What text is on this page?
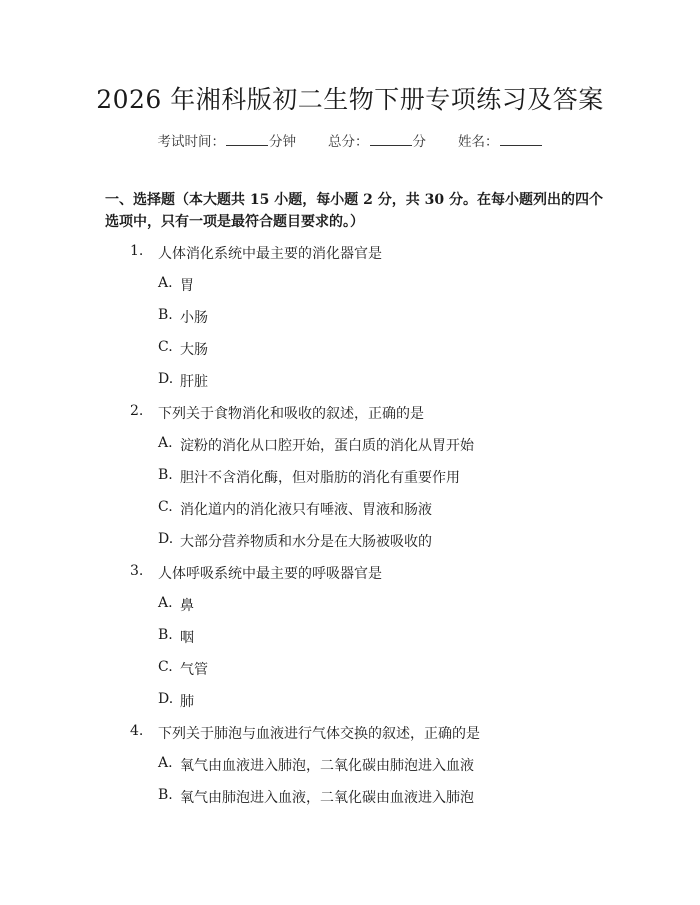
2026 年湘科版初二生物下册专项练习及答案
考试时间：	分钟 总分：	分 姓名：
一、选择题（本大题共 15 小题，每小题 2 分，共 30 分。在每小题列出的四个选项中，只有一项是最符合题目要求的。）
1. 人体消化系统中最主要的消化器官是
A. 胃
B. 小肠
C. 大肠
D. 肝脏
2. 下列关于食物消化和吸收的叙述，正确的是
A. 淀粉的消化从口腔开始，蛋白质的消化从胃开始
B. 胆汁不含消化酶，但对脂肪的消化有重要作用
C. 消化道内的消化液只有唾液、胃液和肠液
D. 大部分营养物质和水分是在大肠被吸收的
3. 人体呼吸系统中最主要的呼吸器官是
A. 鼻
B. 咽
C. 气管
D. 肺
4. 下列关于肺泡与血液进行气体交换的叙述，正确的是
A. 氧气由血液进入肺泡，二氧化碳由肺泡进入血液
B. 氧气由肺泡进入血液，二氧化碳由血液进入肺泡
